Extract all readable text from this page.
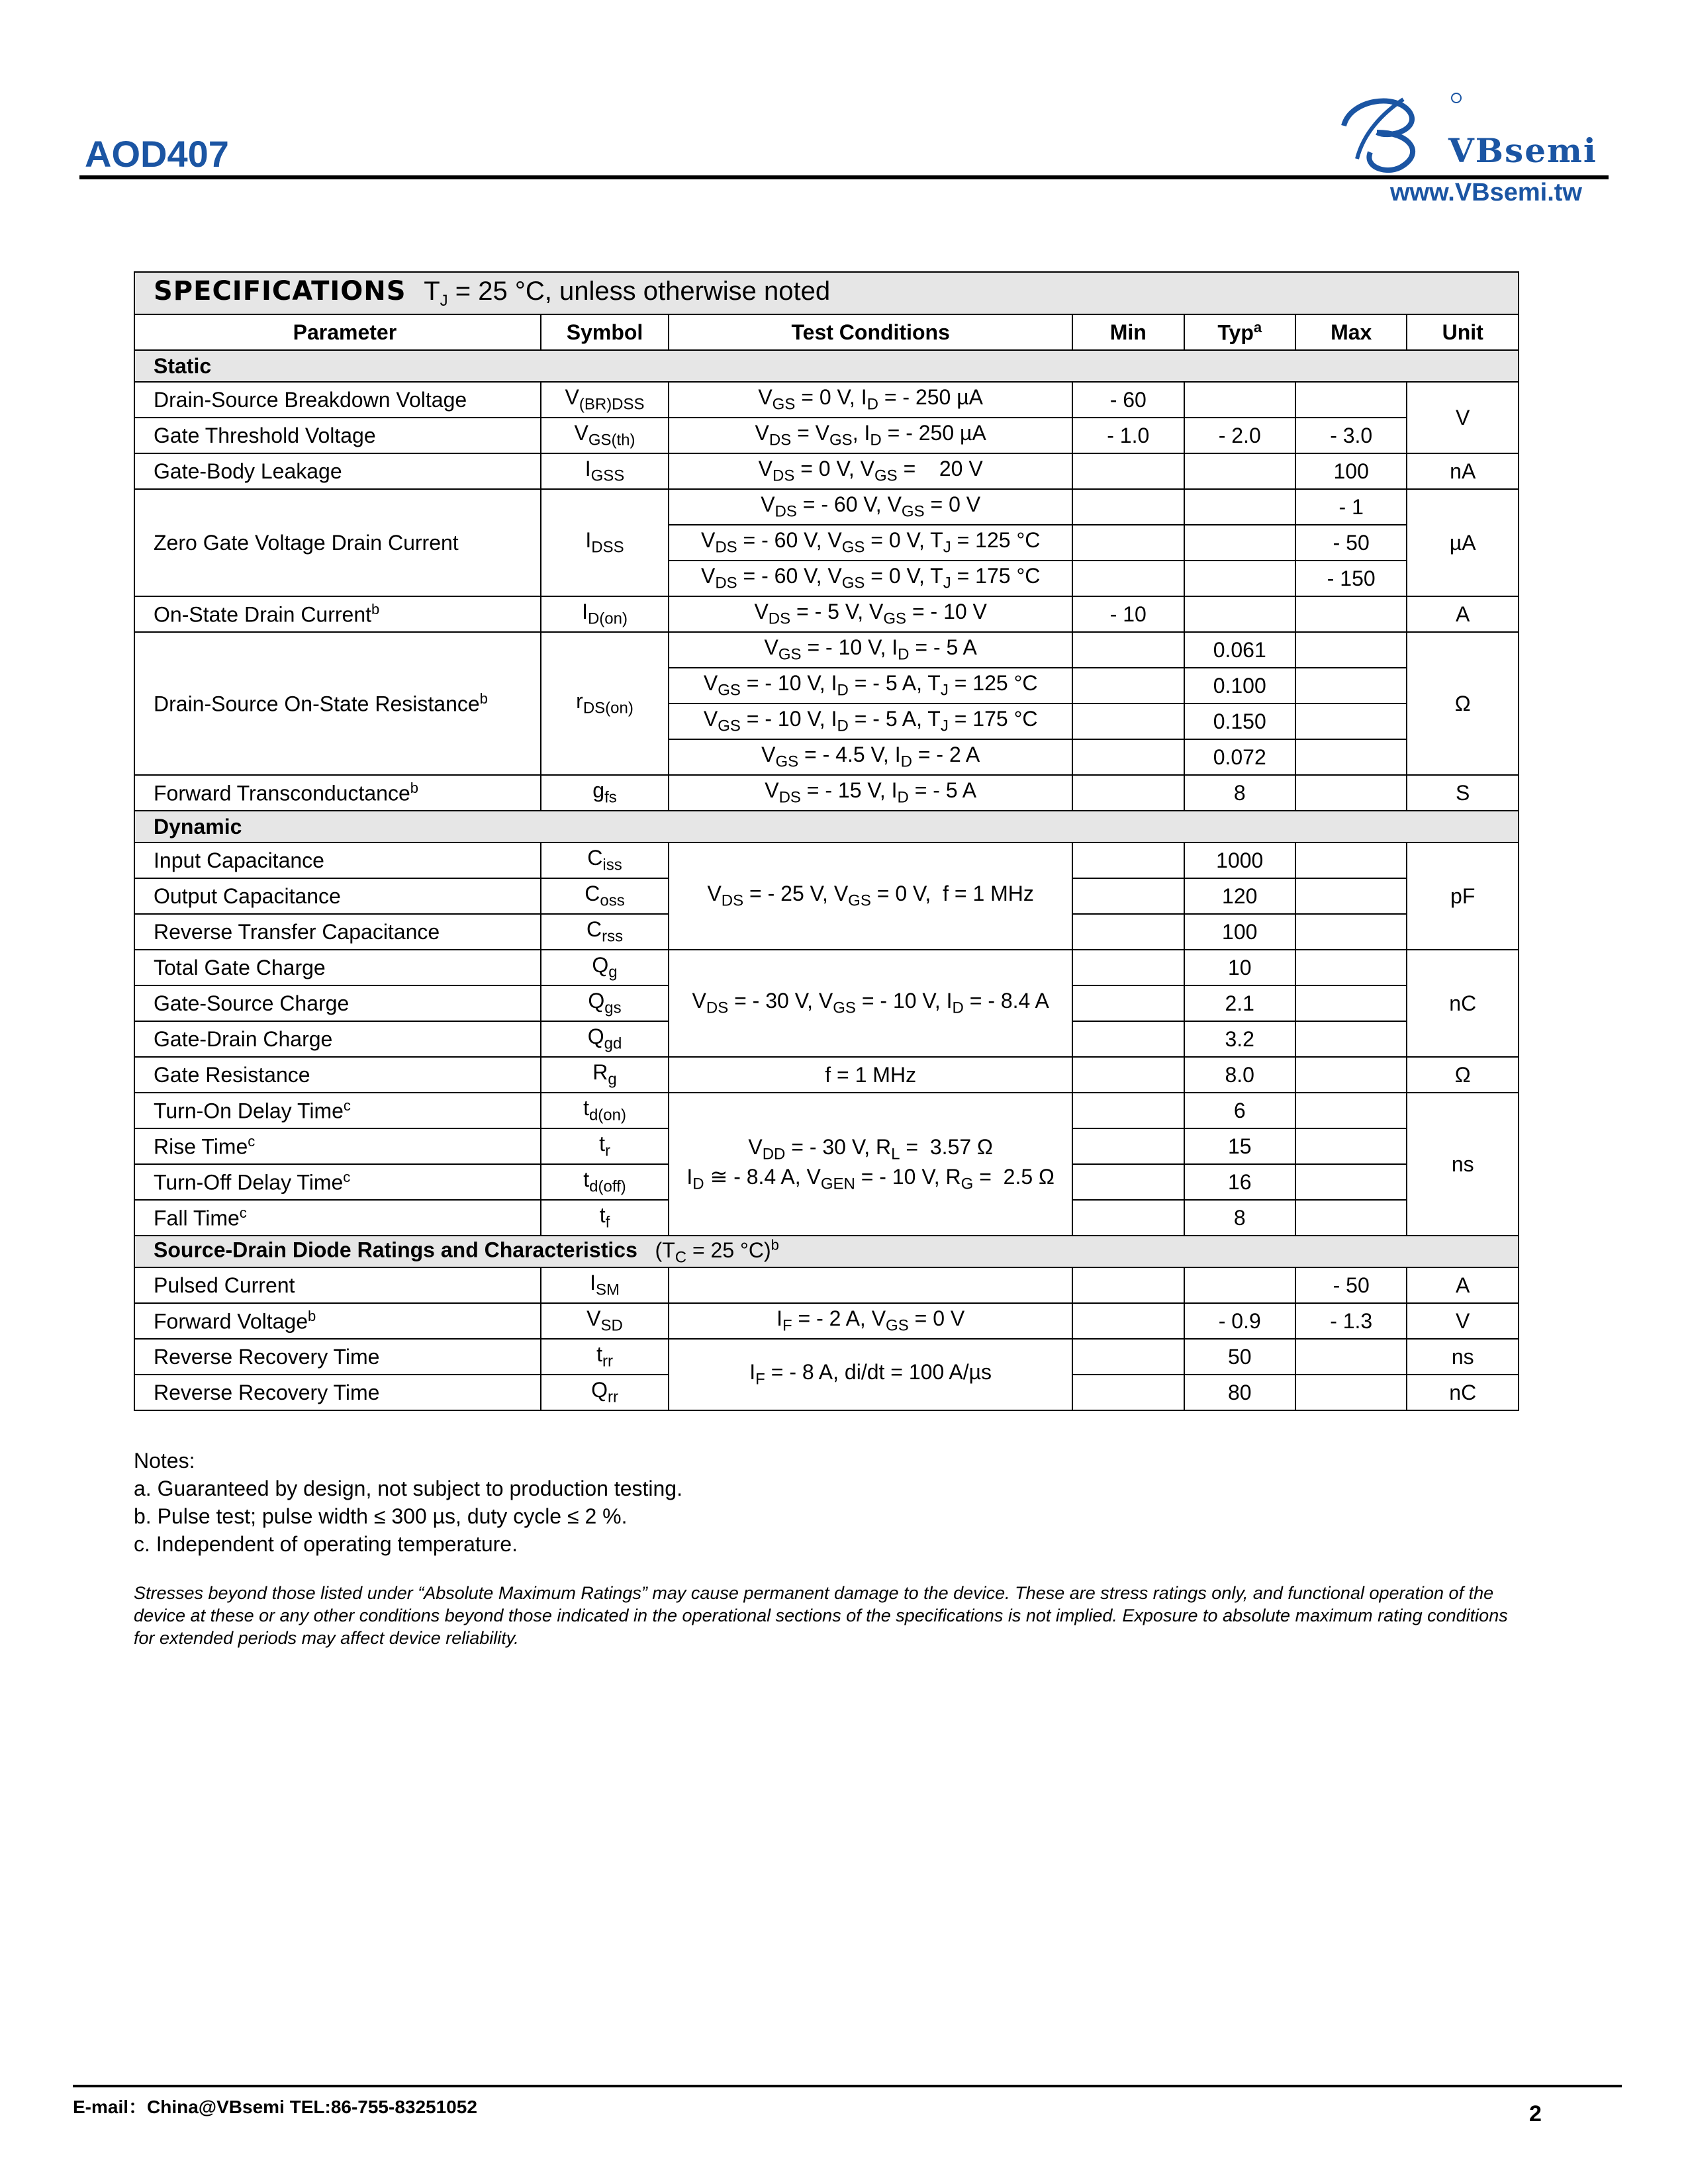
AOD407	VBsemi
www.VBsemi.tw
SPECIFICATIONS $T_J = 25$ °C, unless otherwise noted						
Parameter	Symbol	Test Conditions	Min	Typ$^a$	Max	Unit
Static						
Drain-Source Breakdown Voltage	$V_{(BR)DSS}$	$V_{GS} = 0$ V, $I_D$ = - 250 µA	- 60			V
Gate Threshold Voltage	$V_{GS(th)}$	$V_{DS} = V_{GS}$, $I_D$ = - 250 µA	- 1.0	- 2.0	- 3.0	
Gate-Body Leakage	$I_{GSS}$	$V_{DS} = 0$ V, $V_{GS}$ =    20 V			100	nA
Zero Gate Voltage Drain Current	$I_{DSS}$	$V_{DS}$ = - 60 V, $V_{GS} = 0$ V			- 1	µA
		$V_{DS}$ = - 60 V, $V_{GS} = 0$ V, $T_J = 125$ °C			- 50	
		$V_{DS}$ = - 60 V, $V_{GS} = 0$ V, $T_J = 175$ °C			- 150	
On-State Drain Current$^b$	$I_{D(on)}$	$V_{DS}$ = - 5 V, $V_{GS}$ = - 10 V	- 10			A
Drain-Source On-State Resistance$^b$	$r_{DS(on)}$	$V_{GS}$ = - 10 V, $I_D$ = - 5 A		0.061		Ω
		$V_{GS}$ = - 10 V, $I_D$ = - 5 A, $T_J = 125$ °C		0.100		
		$V_{GS}$ = - 10 V, $I_D$ = - 5 A, $T_J = 175$ °C		0.150		
		$V_{GS}$ = - 4.5 V, $I_D$ = - 2 A		0.072		
Forward Transconductance$^b$	$g_{fs}$	$V_{DS}$ = - 15 V, $I_D$ = - 5 A		8		S
Dynamic						
Input Capacitance	$C_{iss}$	$V_{DS}$ = - 25 V, $V_{GS} = 0$ V,  f = 1 MHz		1000		pF
Output Capacitance	$C_{oss}$			120		
Reverse Transfer Capacitance	$C_{rss}$			100		
Total Gate Charge	$Q_g$	$V_{DS}$ = - 30 V, $V_{GS}$ = - 10 V, $I_D$ = - 8.4 A		10		nC
Gate-Source Charge	$Q_{gs}$			2.1		
Gate-Drain Charge	$Q_{gd}$			3.2		
Gate Resistance	$R_g$	f = 1 MHz		8.0		Ω
Turn-On Delay Time$^c$	$t_{d(on)}$	$V_{DD}$ = - 30 V, $R_L = 3.57$ Ω
$I_D$ ≅ - 8.4 A, $V_{GEN}$ = - 10 V, $R_G = 2.5$ Ω		6		ns
Rise Time$^c$	$t_r$			15		
Turn-Off Delay Time$^c$	$t_{d(off)}$			16		
Fall Time$^c$	$t_f$			8		
Source-Drain Diode Ratings and Characteristics ($T_C = 25$ °C)$^b$
Pulsed Current	$I_{SM}$				- 50	A
Forward Voltage$^b$	$V_{SD}$	$I_F$ = - 2 A, $V_{GS} = 0$ V		- 0.9	- 1.3	V
Reverse Recovery Time	$t_{rr}$	$I_F$ = - 8 A, di/dt = 100 A/µs		50		ns
Reverse Recovery Time	$Q_{rr}$			80		nC
Notes:
a. Guaranteed by design, not subject to production testing.
b. Pulse test; pulse width ≤ 300 µs, duty cycle ≤ 2 %.
c. Independent of operating temperature.
Stresses beyond those listed under “Absolute Maximum Ratings” may cause permanent damage to the device. These are stress ratings only, and functional operation of the device at these or any other conditions beyond those indicated in the operational sections of the specifications is not implied. Exposure to absolute maximum rating conditions for extended periods may affect device reliability.
E-mail：China@VBsemi TEL:86-755-83251052	2
